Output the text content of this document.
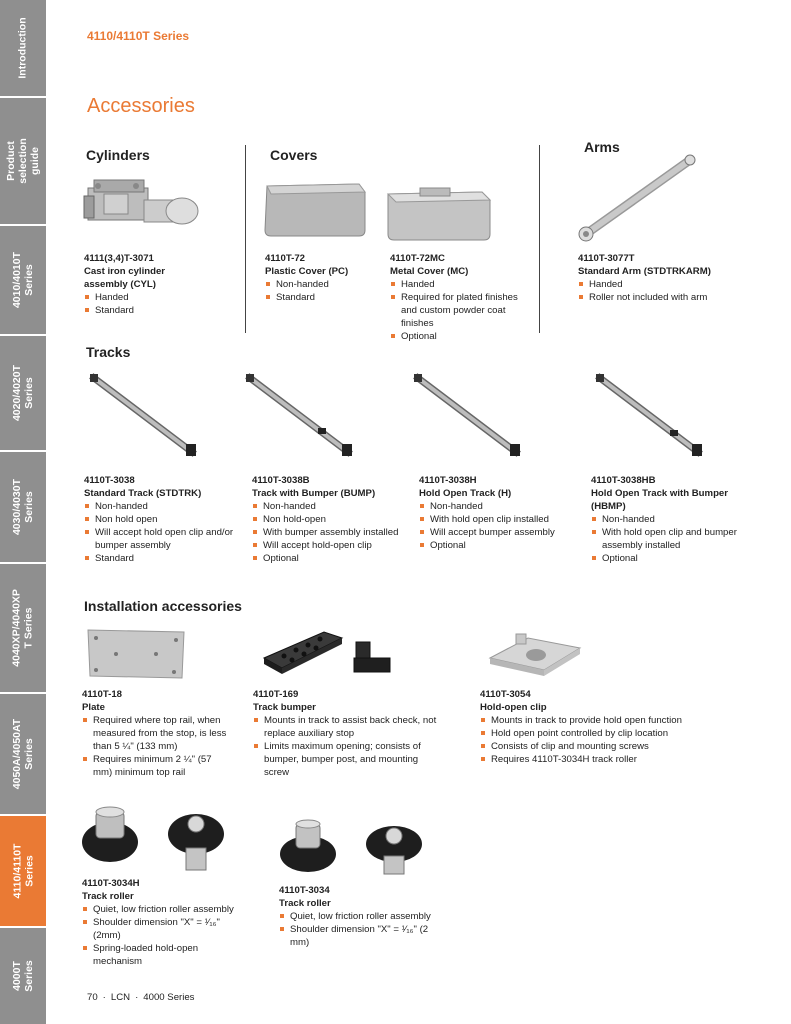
Introduction
Product selection guide
4010/4010T Series
4020/4020T Series
4030/4030T Series
4040XP/4040XP T Series
4050A/4050AT Series
4110/4110T Series
4000T Series
4110/4110T Series
Accessories
Cylinders	Covers	Arms
Tracks
Installation accessories
4111(3,4)T-3071
Cast iron cylinder
assembly (CYL)
Handed
Standard
4110T-72
Plastic Cover (PC)
Non-handed
Standard
4110T-72MC
Metal Cover (MC)
Handed
Required for plated finishes and custom powder coat finishes
Optional
4110T-3077T
Standard Arm (STDTRKARM)
Handed
Roller not included with arm
4110T-3038
Standard Track (STDTRK)
Non-handed
Non hold open
Will accept hold open clip and/or bumper assembly
Standard
4110T-3038B
Track with Bumper (BUMP)
Non-handed
Non hold-open
With bumper assembly installed
Will accept hold-open clip
Optional
4110T-3038H
Hold Open Track (H)
Non-handed
With hold open clip installed
Will accept bumper assembly
Optional
4110T-3038HB
Hold Open Track with Bumper
(HBMP)
Non-handed
With hold open clip and bumper assembly installed
Optional
4110T-18
Plate
Required where top rail, when measured from the stop, is less than 5 ¼" (133 mm)
Requires minimum 2 ¼" (57 mm) minimum top rail
4110T-169
Track bumper
Mounts in track to assist back check, not replace auxiliary stop
Limits maximum opening; consists of bumper, bumper post, and mounting screw
4110T-3054
Hold-open clip
Mounts in track to provide hold open function
Hold open point controlled by clip location
Consists of clip and mounting screws
Requires 4110T-3034H track roller
4110T-3034H
Track roller
Quiet, low friction roller assembly
Shoulder dimension "X" = ¹⁄₁₆" (2mm)
Spring-loaded hold-open mechanism
4110T-3034
Track roller
Quiet, low friction roller assembly
Shoulder dimension "X" = ¹⁄₁₆" (2 mm)
70 · LCN · 4000 Series
